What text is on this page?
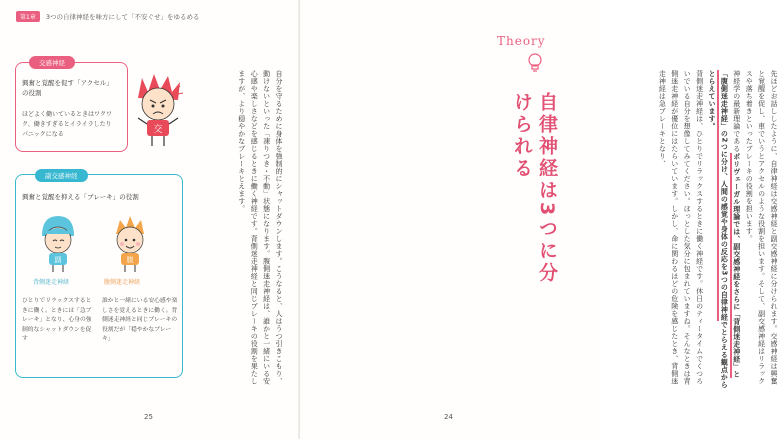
第1章	3つの自律神経を味方にして「不安ぐせ」をゆるめる
交感神経
興奮と覚醒を促す「アクセル」の役割
ほどよく働いているときはワクワク、働きすぎるとイライラしたりパニックになる	交
副交感神経
興奮と覚醒を抑える「ブレーキ」の役割
副	腹
背側迷走神経	腹側迷走神経
ひとりでリラックスするときに働く。ときには「急ブレーキ」となり、心身の強制的なシャットダウンを促す
誰かと一緒にいる安心感や楽しさを覚えるときに働く。背側迷走神経と同じブレーキの役割だが「穏やかなブレーキ」	自分を守るために身体を強制的にシャットダウンします。こうなると、人はうつ引きこもり、動けないといった「凍りつき・不動」状態になります。腹側迷走神経は、誰かと一緒にいる安心感や楽しさなどを感じるときに働く神経です。背側迷走神経と同じブレーキの役割を果たしますが、より穏やかなブレーキとえます。
25
先ほどお話ししたように、自律神経は交感神経と副交感神経に分けられます。交感神経は興奮と覚醒を促し、車でいうとアクセルのような役割を担います。そして、副交感神経はリラックスや落ち着きといったブレーキの役割を担います。
神経学の最新理論であるポリヴェーガル理論では、副交感神経をさらに「背側迷走神経」と「腹側迷走神経」の2つに分け、人間の感覚や身体の反応を3つの自律神経でとらえる観点からとらえています。
背側迷走神経は、ひとりでリラックスするときに働く神経です。休日のティータイムでくつろいでいる自分を想像してみてください。ほっとした気分に包まれていますね。そんなときは背側迷走神経が優位にはたらいています。しかし、命に関わるほどの危険を感じたとき、背側迷走神経は急ブレーキとなり、
Theory
自律神経は3つに分けられる
24
